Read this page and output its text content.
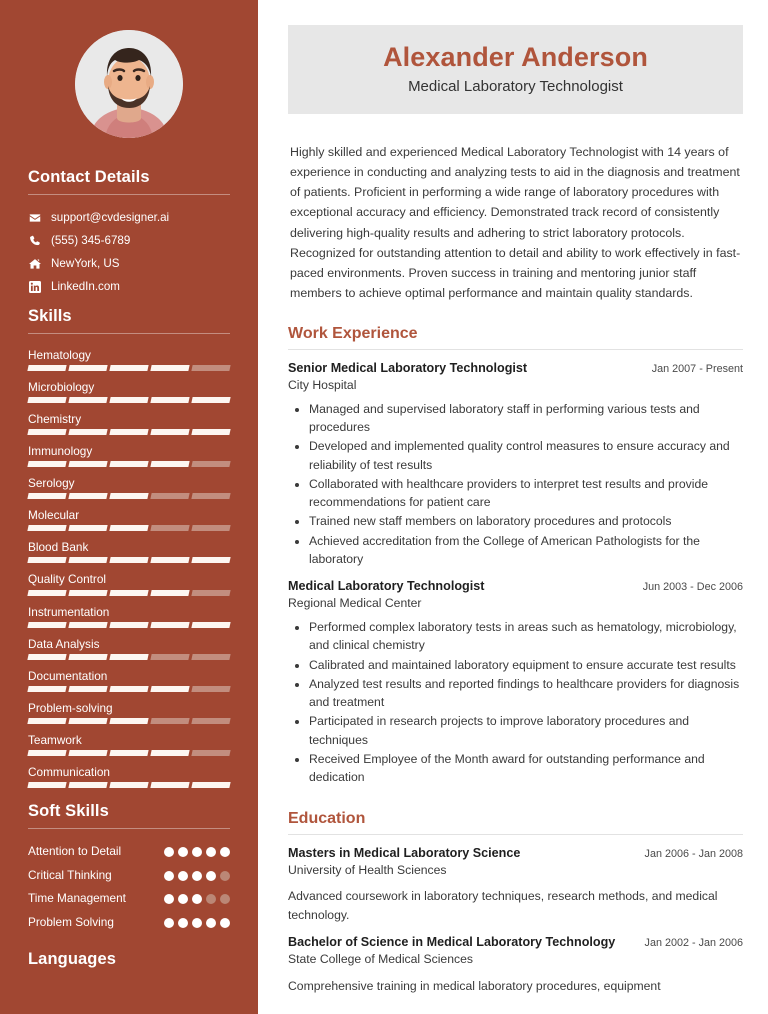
Contact Details
support@cvdesigner.ai
(555) 345-6789
NewYork, US
LinkedIn.com
Skills
Hematology
Microbiology
Chemistry
Immunology
Serology
Molecular
Blood Bank
Quality Control
Instrumentation
Data Analysis
Documentation
Problem-solving
Teamwork
Communication
Soft Skills
Attention to Detail
Critical Thinking
Time Management
Problem Solving
Languages
Alexander Anderson
Medical Laboratory Technologist

Highly skilled and experienced Medical Laboratory Technologist with 14 years of experience in conducting and analyzing tests to aid in the diagnosis and treatment of patients. Proficient in performing a wide range of laboratory procedures with exceptional accuracy and efficiency. Demonstrated track record of consistently delivering high-quality results and adhering to strict laboratory protocols. Recognized for outstanding attention to detail and ability to work effectively in fast-paced environments. Proven success in training and mentoring junior staff members to achieve optimal performance and maintain quality standards.

Work Experience
Senior Medical Laboratory Technologist	Jan 2007 - Present
City Hospital
• Managed and supervised laboratory staff in performing various tests and procedures
• Developed and implemented quality control measures to ensure accuracy and reliability of test results
• Collaborated with healthcare providers to interpret test results and provide recommendations for patient care
• Trained new staff members on laboratory procedures and protocols
• Achieved accreditation from the College of American Pathologists for the laboratory
Medical Laboratory Technologist	Jun 2003 - Dec 2006
Regional Medical Center
• Performed complex laboratory tests in areas such as hematology, microbiology, and clinical chemistry
• Calibrated and maintained laboratory equipment to ensure accurate test results
• Analyzed test results and reported findings to healthcare providers for diagnosis and treatment
• Participated in research projects to improve laboratory procedures and techniques
• Received Employee of the Month award for outstanding performance and dedication
Education
Masters in Medical Laboratory Science	Jan 2006 - Jan 2008
University of Health Sciences
Advanced coursework in laboratory techniques, research methods, and medical technology.
Bachelor of Science in Medical Laboratory Technology	Jan 2002 - Jan 2006
State College of Medical Sciences
Comprehensive training in medical laboratory procedures, equipment
